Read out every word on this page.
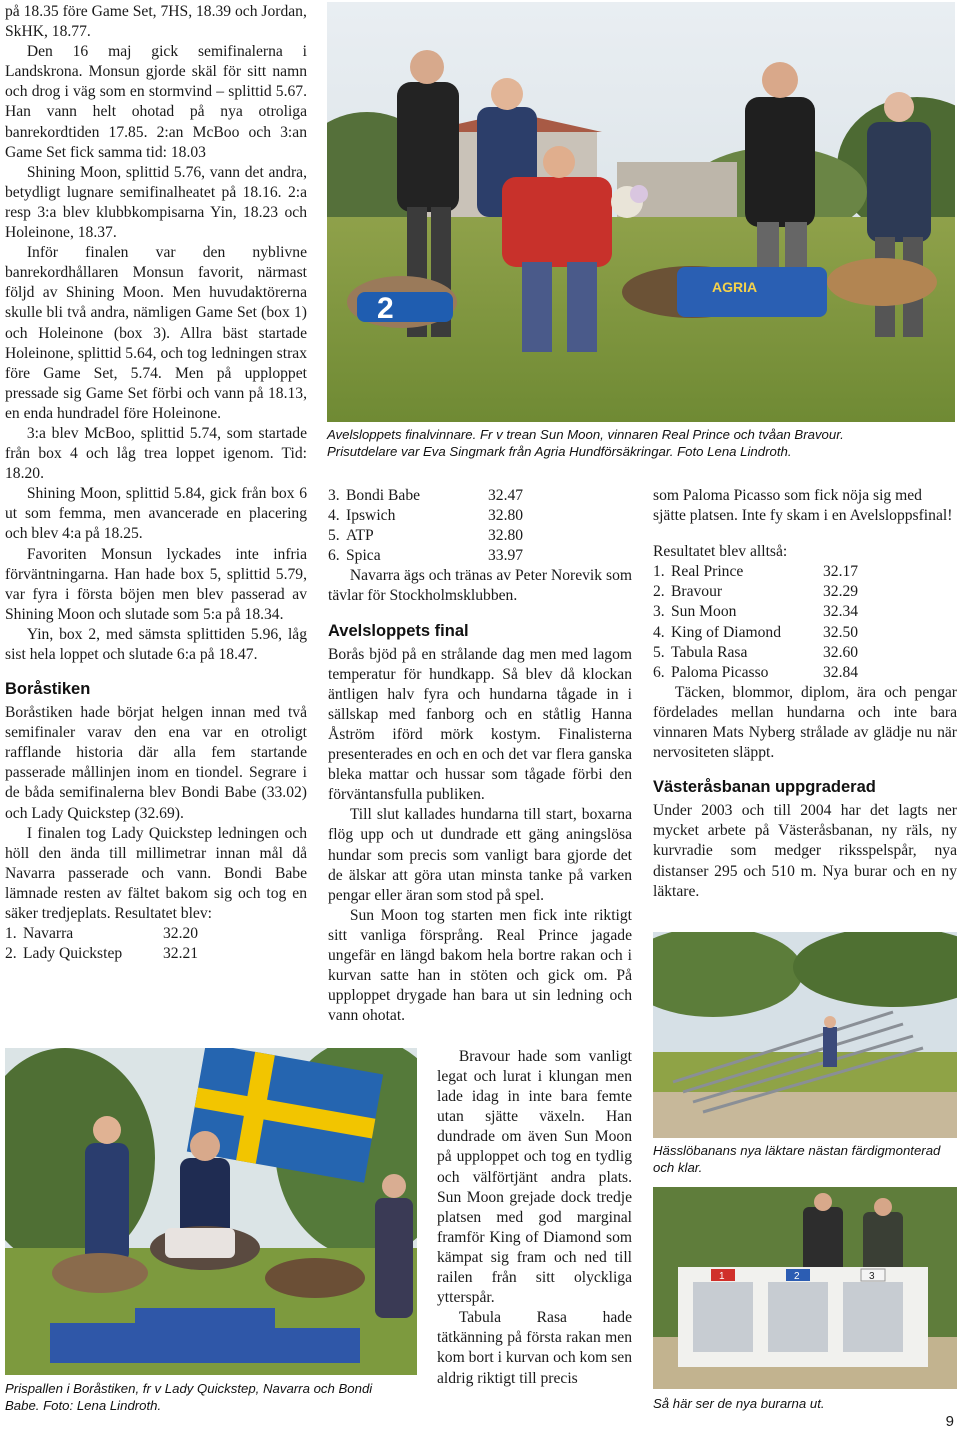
på 18.35 före Game Set, 7HS, 18.39 och Jordan, SkHK, 18.77.

Den 16 maj gick semifinalerna i Landskrona. Monsun gjorde skäl för sitt namn och drog i väg som en stormvind – splittid 5.67. Han vann helt ohotad på nya otroliga banrekordtiden 17.85. 2:an McBoo och 3:an Game Set fick samma tid: 18.03

Shining Moon, splittid 5.76, vann det andra, betydligt lugnare semifinalheatet på 18.16. 2:a resp 3:a blev klubbkompisarna Yin, 18.23 och Holeinone, 18.37.

Inför finalen var den nyblivne banrekordhållaren Monsun favorit, närmast följd av Shining Moon. Men huvudaktörerna skulle bli två andra, nämligen Game Set (box 1) och Holeinone (box 3). Allra bäst startade Holeinone, splittid 5.64, och tog ledningen strax före Game Set, 5.74. Men på upploppet pressade sig Game Set förbi och vann på 18.13, en enda hundradel före Holeinone.

3:a blev McBoo, splittid 5.74, som startade från box 4 och låg trea loppet igenom. Tid: 18.20.

Shining Moon, splittid 5.84, gick från box 6 ut som femma, men avancerade en placering och blev 4:a på 18.25.

Favoriten Monsun lyckades inte infria förväntningarna. Han hade box 5, splittid 5.79, var fyra i första böjen men blev passerad av Shining Moon och slutade som 5:a på 18.34.

Yin, box 2, med sämsta splittiden 5.96, låg sist hela loppet och slutade 6:a på 18.47.

Boråstiken

Boråstiken hade börjat helgen innan med två semifinaler varav den ena var en otroligt rafflande historia där alla fem startande passerade mållinjen inom en tiondel. Segrare i de båda semifinalerna blev Bondi Babe (33.02) och Lady Quickstep (32.69).

I finalen tog Lady Quickstep ledningen och höll den ända till millimetrar innan mål då Navarra passerade och vann. Bondi Babe lämnade resten av fältet bakom sig och tog en säker tredjeplats. Resultatet blev:

1. Navarra	32.20
2. Lady Quickstep	32.21
2
AGRIA
Avelsloppets finalvinnare. Fr v trean Sun Moon, vinnaren Real Prince och tvåan Bravour.
Prisutdelare var Eva Singmark från Agria Hundförsäkringar. Foto Lena Lindroth.
Prispallen i Boråstiken, fr v Lady Quickstep, Navarra och Bondi Babe. Foto: Lena Lindroth.
3. Bondi Babe	32.47
4. Ipswich	32.80
5. ATP	32.80
6. Spica	33.97

Navarra ägs och tränas av Peter Norevik som tävlar för Stockholmsklubben.

Avelsloppets final

Borås bjöd på en strålande dag men med lagom temperatur för hundkapp. Så blev då klockan äntligen halv fyra och hundarna tågade in i sällskap med fanborg och en ståtlig Hanna Åström iförd mörk kostym. Finalisterna presenterades en och en och det var flera ganska bleka mattar och hussar som tågade förbi den förväntansfulla publiken.

Till slut kallades hundarna till start, boxarna flög upp och ut dundrade ett gäng aningslösa hundar som precis som vanligt bara gjorde det de älskar att göra utan minsta tanke på varken pengar eller äran som stod på spel.

Sun Moon tog starten men fick inte riktigt sitt vanliga försprång. Real Prince jagade ungefär en längd bakom hela bortre rakan och i kurvan satte han in stöten och gick om. På upploppet drygade han bara ut sin ledning och vann ohotat.

Bravour hade som vanligt legat och lurat i klungan men lade idag in inte bara femte utan sjätte växeln. Han dundrade om även Sun Moon på upploppet och tog en tydlig och välförtjänt andra plats. Sun Moon grejade dock tredje platsen med god marginal framför King of Diamond som kämpat sig fram och ned till railen från sitt olyckliga ytterspår.

Tabula Rasa hade tätkänning på första rakan men kom bort i kurvan och kom sen aldrig riktigt till precis

som Paloma Picasso som fick nöja sig med sjätte platsen. Inte fy skam i en Avelsloppsfinal!

Resultatet blev alltså:

1. Real Prince	32.17
2. Bravour	32.29
3. Sun Moon	32.34
4. King of Diamond	32.50
5. Tabula Rasa	32.60
6. Paloma Picasso	32.84

Täcken, blommor, diplom, ära och pengar fördelades mellan hundarna och inte bara vinnaren Mats Nyberg strålade av glädje nu när nervositeten släppt.

Västeråsbanan uppgraderad

Under 2003 och till 2004 har det lagts ner mycket arbete på Västeråsbanan, ny räls, ny kurvradie som medger riksspelspår, nya distanser 295 och 510 m. Nya burar och en ny läktare.

Hässlöbanans nya läktare nästan färdigmonterad och klar.
1	2	3
Så här ser de nya burarna ut.
9
